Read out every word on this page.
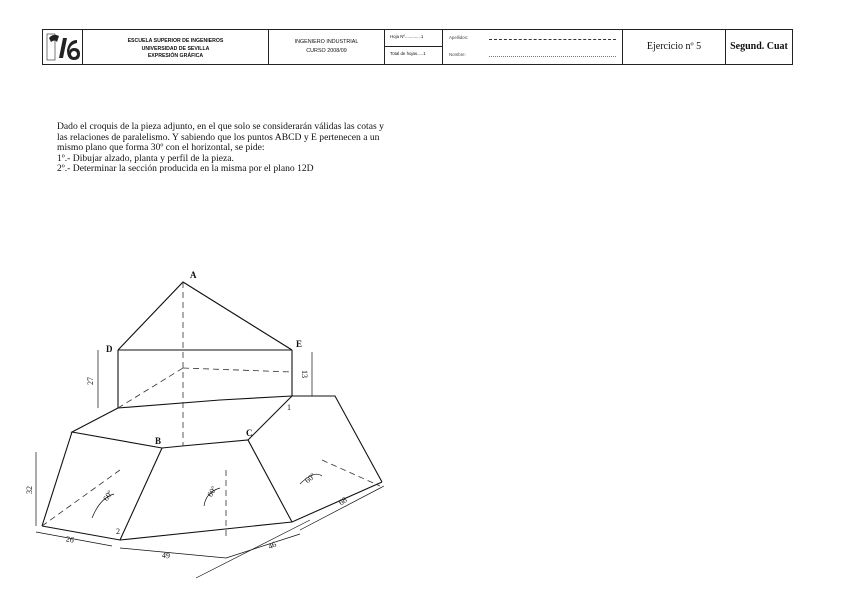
ESCUELA SUPERIOR DE INGENIEROS
UNIVERSIDAD DE SEVILLA
EXPRESIÓN GRÁFICA
INGENIERO INDUSTRIAL
CURSO 2008/09
Hoja Nº.............1
Total de hojas.....1
Apellidos:
Nombre:
Ejercicio nº 5	Segund. Cuat

Dado el croquis de la pieza adjunto, en el que solo se considerarán válidas las cotas y

las relaciones de paralelismo. Y sabiendo que los puntos ABCD y E pertenecen a un

mismo plano que forma 30º con el horizontal, se pide:

1º.- Dibujar alzado, planta y perfil de la pieza.

2º.- Determinar la sección producida en la misma por el plano 12D

A
D	E
B
C
1
2
27
13
32
26
49
46
68
60º	60º
60º
